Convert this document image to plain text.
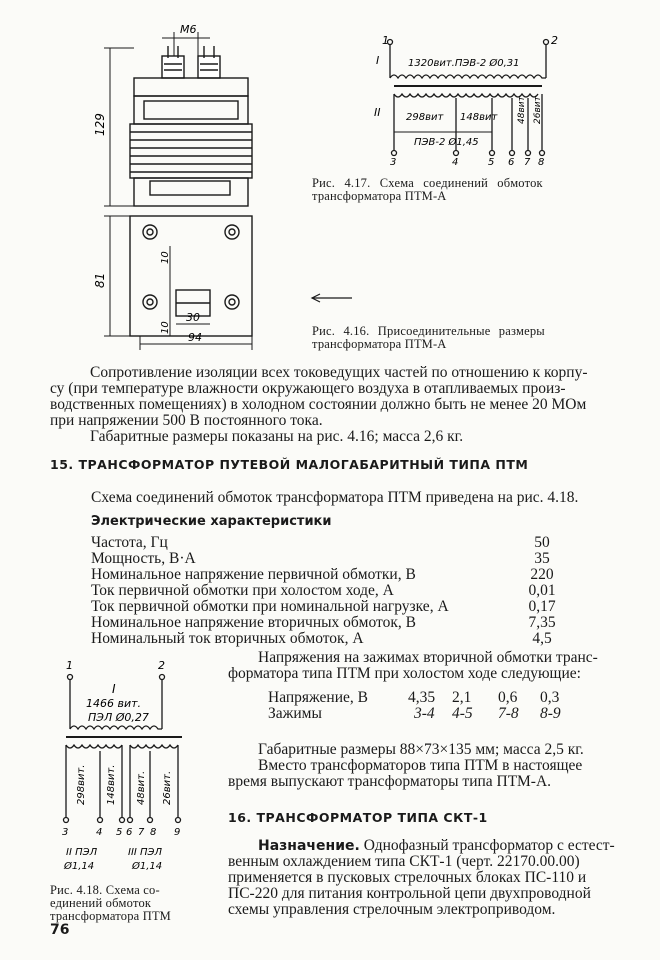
М6
129
81
10
10
30
94
1	2
I	1320вит.ПЭВ-2 Ø0,31
II	298вит 148вит 48вит 26вит
ПЭВ-2 Ø1,45
3	4	5 6 7 8
Рис. 4.17. Схема соединений обмоток
трансформатора ПТМ-А
Рис. 4.16. Присоединительные размеры
трансформатора ПТМ-А
Сопротивление изоляции всех токоведущих частей по отношению к корпу-
су (при температуре влажности окружающего воздуха в отапливаемых произ-
водственных помещениях) в холодном состоянии должно быть не менее 20 МОм
при напряжении 500 В постоянного тока.
Габаритные размеры показаны на рис. 4.16; масса 2,6 кг.
15. ТРАНСФОРМАТОР ПУТЕВОЙ МАЛОГАБАРИТНЫЙ ТИПА ПТМ
Схема соединений обмоток трансформатора ПТМ приведена на рис. 4.18.
Электрические характеристики
Частота, Гц	50
Мощность, В·А	35
Номинальное напряжение первичной обмотки, В	220
Ток первичной обмотки при холостом ходе, А	0,01
Ток первичной обмотки при номинальной нагрузке, А	0,17
Номинальное напряжение вторичных обмоток, В	7,35
Номинальный ток вторичных обмоток, А	4,5
1	2
I
1466 вит.
ПЭЛ Ø0,27
298вит. 148вит. 48вит. 26вит.
3	4 5 6 7 8 9
II ПЭЛ
Ø1,14
III ПЭЛ
Ø1,14
Рис. 4.18. Схема со-
единений обмоток
трансформатора ПТМ
Напряжения на зажимах вторичной обмотки транс-
форматора типа ПТМ при холостом ходе следующие:
Напряжение, В	4,35 2,1 0,6 0,3
Зажимы	3-4 4-5 7-8 8-9
Габаритные размеры 88×73×135 мм; масса 2,5 кг.
Вместо трансформаторов типа ПТМ в настоящее
время выпускают трансформаторы типа ПТМ-А.
16. ТРАНСФОРМАТОР ТИПА СКТ-1
Назначение. Однофазный трансформатор с естест-
венным охлаждением типа СКТ-1 (черт. 22170.00.00)
применяется в пусковых стрелочных блоках ПС-110 и
ПС-220 для питания контрольной цепи двухпроводной
схемы управления стрелочным электроприводом.
76
